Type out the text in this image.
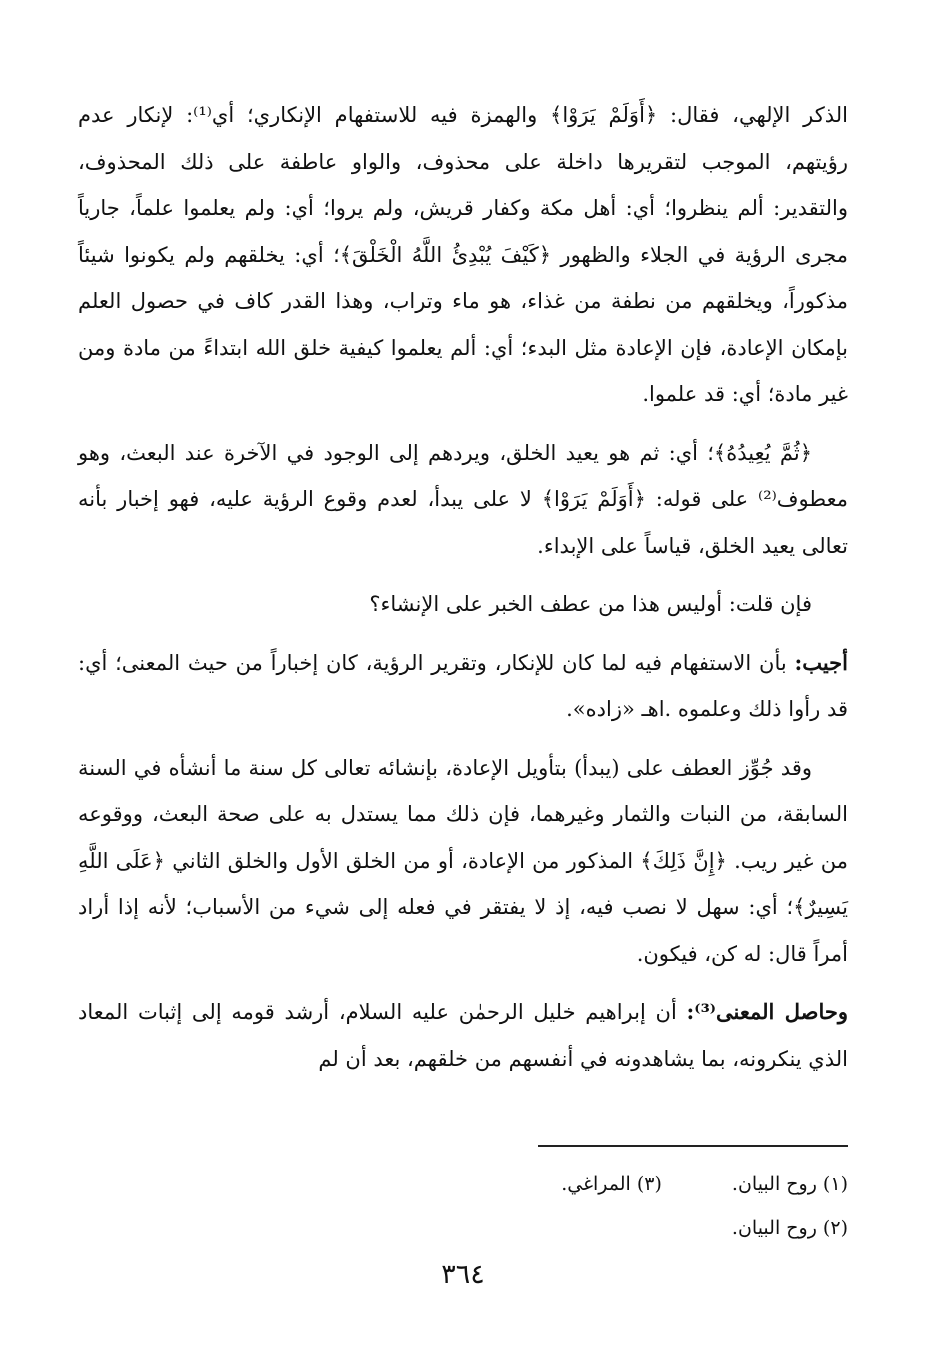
الذكر الإلهي، فقال: ﴿أَوَلَمْ يَرَوْا﴾ والهمزة فيه للاستفهام الإنكاري؛ أي⁽¹⁾: لإنكار عدم رؤيتهم، الموجب لتقريرها داخلة على محذوف، والواو عاطفة على ذلك المحذوف، والتقدير: ألم ينظروا؛ أي: أهل مكة وكفار قريش، ولم يروا؛ أي: ولم يعلموا علماً، جارياً مجرى الرؤية في الجلاء والظهور ﴿كَيْفَ يُبْدِئُ اللَّهُ الْخَلْقَ﴾؛ أي: يخلقهم ولم يكونوا شيئاً مذكوراً، ويخلقهم من نطفة من غذاء، هو ماء وتراب، وهذا القدر كاف في حصول العلم بإمكان الإعادة، فإن الإعادة مثل البدء؛ أي: ألم يعلموا كيفية خلق الله ابتداءً من مادة ومن غير مادة؛ أي: قد علموا.

﴿ثُمَّ يُعِيدُهُ﴾؛ أي: ثم هو يعيد الخلق، ويردهم إلى الوجود في الآخرة عند البعث، وهو معطوف⁽²⁾ على قوله: ﴿أَوَلَمْ يَرَوْا﴾ لا على يبدأ، لعدم وقوع الرؤية عليه، فهو إخبار بأنه تعالى يعيد الخلق، قياساً على الإبداء.

فإن قلت: أوليس هذا من عطف الخبر على الإنشاء؟

أجيب: بأن الاستفهام فيه لما كان للإنكار، وتقرير الرؤية، كان إخباراً من حيث المعنى؛ أي: قد رأوا ذلك وعلموه .اهـ «زاده».

وقد جُوِّز العطف على (يبدأ) بتأويل الإعادة، بإنشائه تعالى كل سنة ما أنشأه في السنة السابقة، من النبات والثمار وغيرهما، فإن ذلك مما يستدل به على صحة البعث، ووقوعه من غير ريب. ﴿إِنَّ ذَلِكَ﴾ المذكور من الإعادة، أو من الخلق الأول والخلق الثاني ﴿عَلَى اللَّهِ يَسِيرٌ﴾؛ أي: سهل لا نصب فيه، إذ لا يفتقر في فعله إلى شيء من الأسباب؛ لأنه إذا أراد أمراً قال: له كن، فيكون.

وحاصل المعنى⁽³⁾: أن إبراهيم خليل الرحمٰن عليه السلام، أرشد قومه إلى إثبات المعاد الذي ينكرونه، بما يشاهدونه في أنفسهم من خلقهم، بعد أن لم

(١) روح البيان.
(٣) المراغي.
(٢) روح البيان.
٣٦٤
